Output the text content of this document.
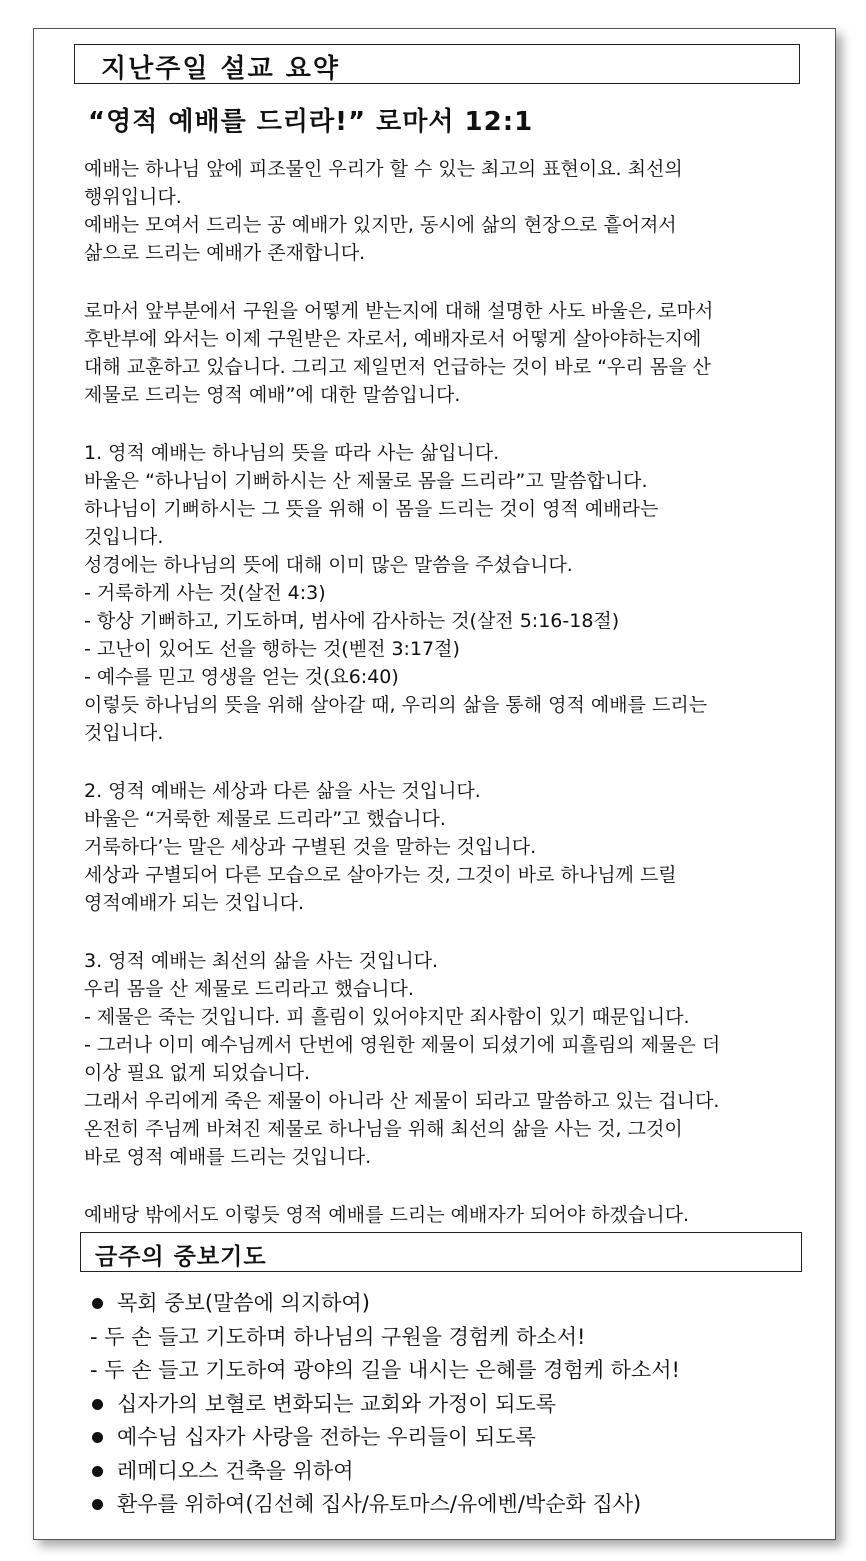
지난주일 설교 요약
“영적 예배를 드리라!” 로마서 12:1
예배는 하나님 앞에 피조물인 우리가 할 수 있는 최고의 표현이요. 최선의
행위입니다.
예배는 모여서 드리는 공 예배가 있지만, 동시에 삶의 현장으로 흩어져서
삶으로 드리는 예배가 존재합니다.
로마서 앞부분에서 구원을 어떻게 받는지에 대해 설명한 사도 바울은, 로마서
후반부에 와서는 이제 구원받은 자로서, 예배자로서 어떻게 살아야하는지에
대해 교훈하고 있습니다. 그리고 제일먼저 언급하는 것이 바로 “우리 몸을 산
제물로 드리는 영적 예배”에 대한 말씀입니다.
1. 영적 예배는 하나님의 뜻을 따라 사는 삶입니다.
바울은 “하나님이 기뻐하시는 산 제물로 몸을 드리라”고 말씀합니다.
하나님이 기뻐하시는 그 뜻을 위해 이 몸을 드리는 것이 영적 예배라는
것입니다.
성경에는 하나님의 뜻에 대해 이미 많은 말씀을 주셨습니다.
- 거룩하게 사는 것(살전 4:3)
- 항상 기뻐하고, 기도하며, 범사에 감사하는 것(살전 5:16-18절)
- 고난이 있어도 선을 행하는 것(벧전 3:17절)
- 예수를 믿고 영생을 얻는 것(요6:40)
이렇듯 하나님의 뜻을 위해 살아갈 때, 우리의 삶을 통해 영적 예배를 드리는
것입니다.
2. 영적 예배는 세상과 다른 삶을 사는 것입니다.
바울은 “거룩한 제물로 드리라”고 했습니다.
거룩하다’는 말은 세상과 구별된 것을 말하는 것입니다.
세상과 구별되어 다른 모습으로 살아가는 것, 그것이 바로 하나님께 드릴
영적예배가 되는 것입니다.
3. 영적 예배는 최선의 삶을 사는 것입니다.
우리 몸을 산 제물로 드리라고 했습니다.
- 제물은 죽는 것입니다. 피 흘림이 있어야지만 죄사함이 있기 때문입니다.
- 그러나 이미 예수님께서 단번에 영원한 제물이 되셨기에 피흘림의 제물은 더
이상 필요 없게 되었습니다.
그래서 우리에게 죽은 제물이 아니라 산 제물이 되라고 말씀하고 있는 겁니다.
온전히 주님께 바쳐진 제물로 하나님을 위해 최선의 삶을 사는 것, 그것이
바로 영적 예배를 드리는 것입니다.
예배당 밖에서도 이렇듯 영적 예배를 드리는 예배자가 되어야 하겠습니다.
금주의 중보기도
목회 중보(말씀에 의지하여)
- 두 손 들고 기도하며 하나님의 구원을 경험케 하소서!
- 두 손 들고 기도하여 광야의 길을 내시는 은혜를 경험케 하소서!
십자가의 보혈로 변화되는 교회와 가정이 되도록
예수님 십자가 사랑을 전하는 우리들이 되도록
레메디오스 건축을 위하여
환우를 위하여(김선혜 집사/유토마스/유에벤/박순화 집사)
